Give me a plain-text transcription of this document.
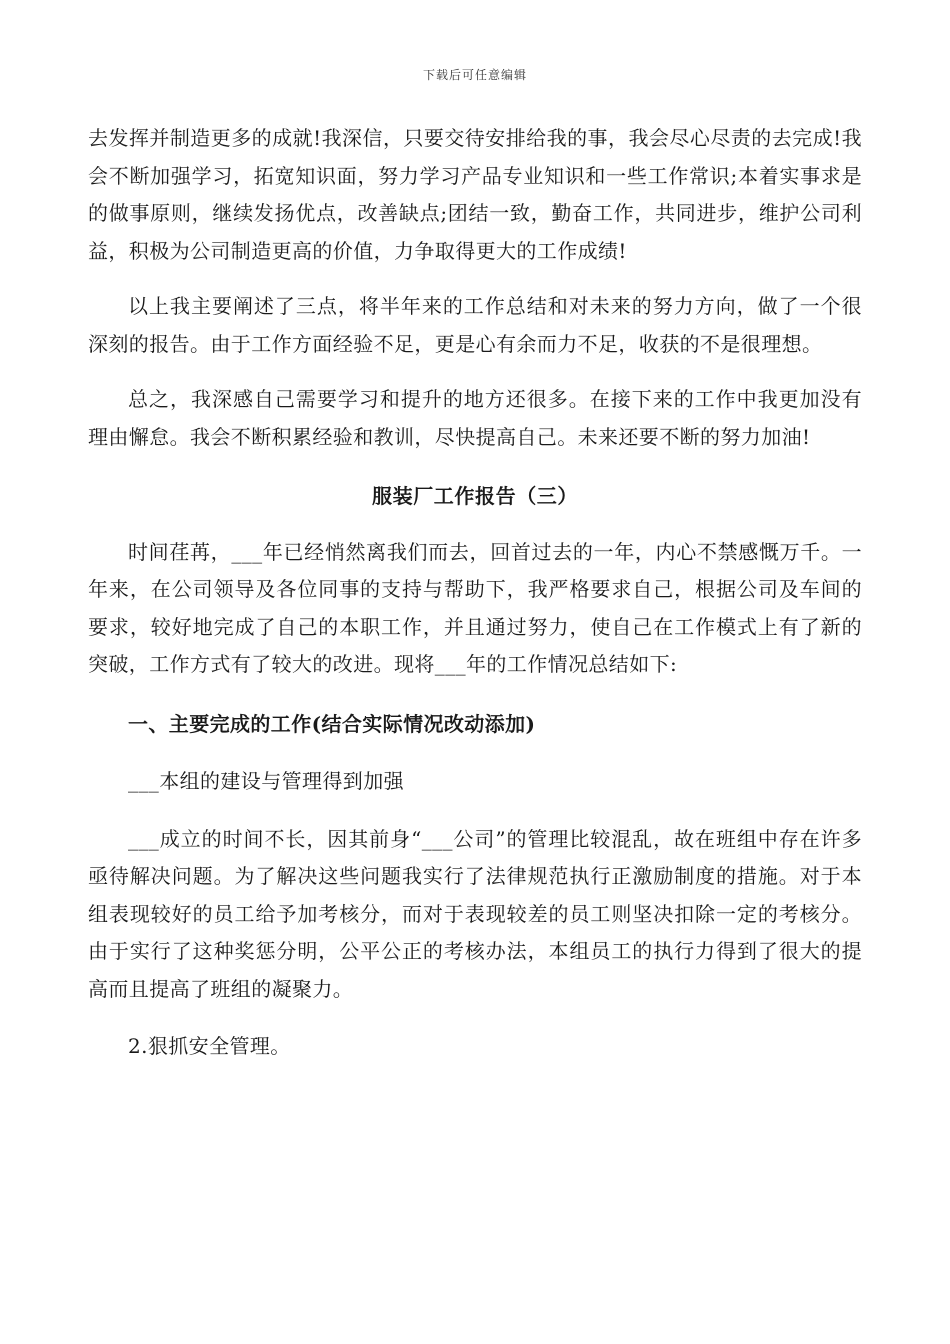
下载后可任意编辑

去发挥并制造更多的成就!我深信，只要交待安排给我的事，我会尽心尽责的去完成!我会不断加强学习，拓宽知识面，努力学习产品专业知识和一些工作常识;本着实事求是的做事原则，继续发扬优点，改善缺点;团结一致，勤奋工作，共同进步，维护公司利益，积极为公司制造更高的价值，力争取得更大的工作成绩!

以上我主要阐述了三点，将半年来的工作总结和对未来的努力方向，做了一个很深刻的报告。由于工作方面经验不足，更是心有余而力不足，收获的不是很理想。

总之，我深感自己需要学习和提升的地方还很多。在接下来的工作中我更加没有理由懈怠。我会不断积累经验和教训，尽快提高自己。未来还要不断的努力加油!

服装厂工作报告（三）

时间荏苒，___年已经悄然离我们而去，回首过去的一年，内心不禁感慨万千。一年来，在公司领导及各位同事的支持与帮助下，我严格要求自己，根据公司及车间的要求，较好地完成了自己的本职工作，并且通过努力，使自己在工作模式上有了新的突破，工作方式有了较大的改进。现将___年的工作情况总结如下:

一、主要完成的工作(结合实际情况改动添加)

___本组的建设与管理得到加强

___成立的时间不长，因其前身“___公司”的管理比较混乱，故在班组中存在许多亟待解决问题。为了解决这些问题我实行了法律规范执行正激励制度的措施。对于本组表现较好的员工给予加考核分，而对于表现较差的员工则坚决扣除一定的考核分。由于实行了这种奖惩分明，公平公正的考核办法，本组员工的执行力得到了很大的提高而且提高了班组的凝聚力。

2.狠抓安全管理。
